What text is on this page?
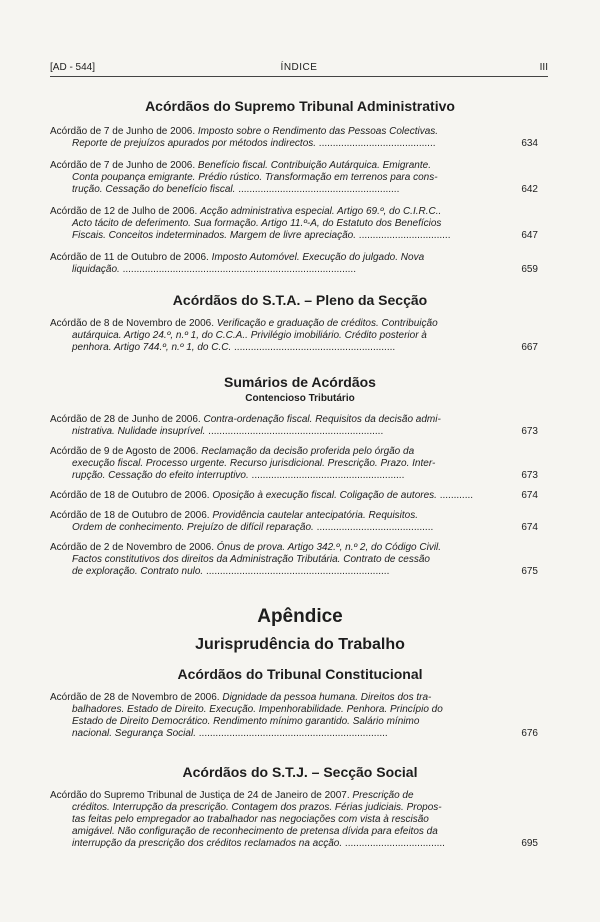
[AD - 544]	ÍNDICE	III
Acórdãos do Supremo Tribunal Administrativo
Acórdão de 7 de Junho de 2006. Imposto sobre o Rendimento das Pessoas Colectivas.
Reporte de prejuízos apurados por métodos indirectos. ..........................................	634
Acórdão de 7 de Junho de 2006. Benefício fiscal. Contribuição Autárquica. Emigrante.
Conta poupança emigrante. Prédio rústico. Transformação em terrenos para cons-
trução. Cessação do benefício fiscal. ..........................................................	642
Acórdão de 12 de Julho de 2006. Acção administrativa especial. Artigo 69.º, do C.I.R.C..
Acto tácito de deferimento. Sua formação. Artigo 11.º-A, do Estatuto dos Benefícios
Fiscais. Conceitos indeterminados. Margem de livre apreciação. .................................	647
Acórdão de 11 de Outubro de 2006. Imposto Automóvel. Execução do julgado. Nova
liquidação. ....................................................................................	659
Acórdãos do S.T.A. – Pleno da Secção
Acórdão de 8 de Novembro de 2006. Verificação e graduação de créditos. Contribuição
autárquica. Artigo 24.º, n.º 1, do C.C.A.. Privilégio imobiliário. Crédito posterior à
penhora. Artigo 744.º, n.º 1, do C.C. ..........................................................	667
Sumários de Acórdãos
Contencioso Tributário
Acórdão de 28 de Junho de 2006. Contra-ordenação fiscal. Requisitos da decisão admi-
nistrativa. Nulidade insuprível. ...............................................................	673
Acórdão de 9 de Agosto de 2006. Reclamação da decisão proferida pelo órgão da
execução fiscal. Processo urgente. Recurso jurisdicional. Prescrição. Prazo. Inter-
rupção. Cessação do efeito interruptivo. .......................................................	673
Acórdão de 18 de Outubro de 2006. Oposição à execução fiscal. Coligação de autores. ............	674
Acórdão de 18 de Outubro de 2006. Providência cautelar antecipatória. Requisitos.
Ordem de conhecimento. Prejuízo de difícil reparação. ..........................................	674
Acórdão de 2 de Novembro de 2006. Ónus de prova. Artigo 342.º, n.º 2, do Código Civil.
Factos constitutivos dos direitos da Administração Tributária. Contrato de cessão
de exploração. Contrato nulo. ..................................................................	675
Apêndice
Jurisprudência do Trabalho
Acórdãos do Tribunal Constitucional
Acórdão de 28 de Novembro de 2006. Dignidade da pessoa humana. Direitos dos tra-
balhadores. Estado de Direito. Execução. Impenhorabilidade. Penhora. Princípio do
Estado de Direito Democrático. Rendimento mínimo garantido. Salário mínimo
nacional. Segurança Social. ....................................................................	676
Acórdãos do S.T.J. – Secção Social
Acórdão do Supremo Tribunal de Justiça de 24 de Janeiro de 2007. Prescrição de
créditos. Interrupção da prescrição. Contagem dos prazos. Férias judiciais. Propos-
tas feitas pelo empregador ao trabalhador nas negociações com vista à rescisão
amigável. Não configuração de reconhecimento de pretensa dívida para efeitos da
interrupção da prescrição dos créditos reclamados na acção. ....................................	695
